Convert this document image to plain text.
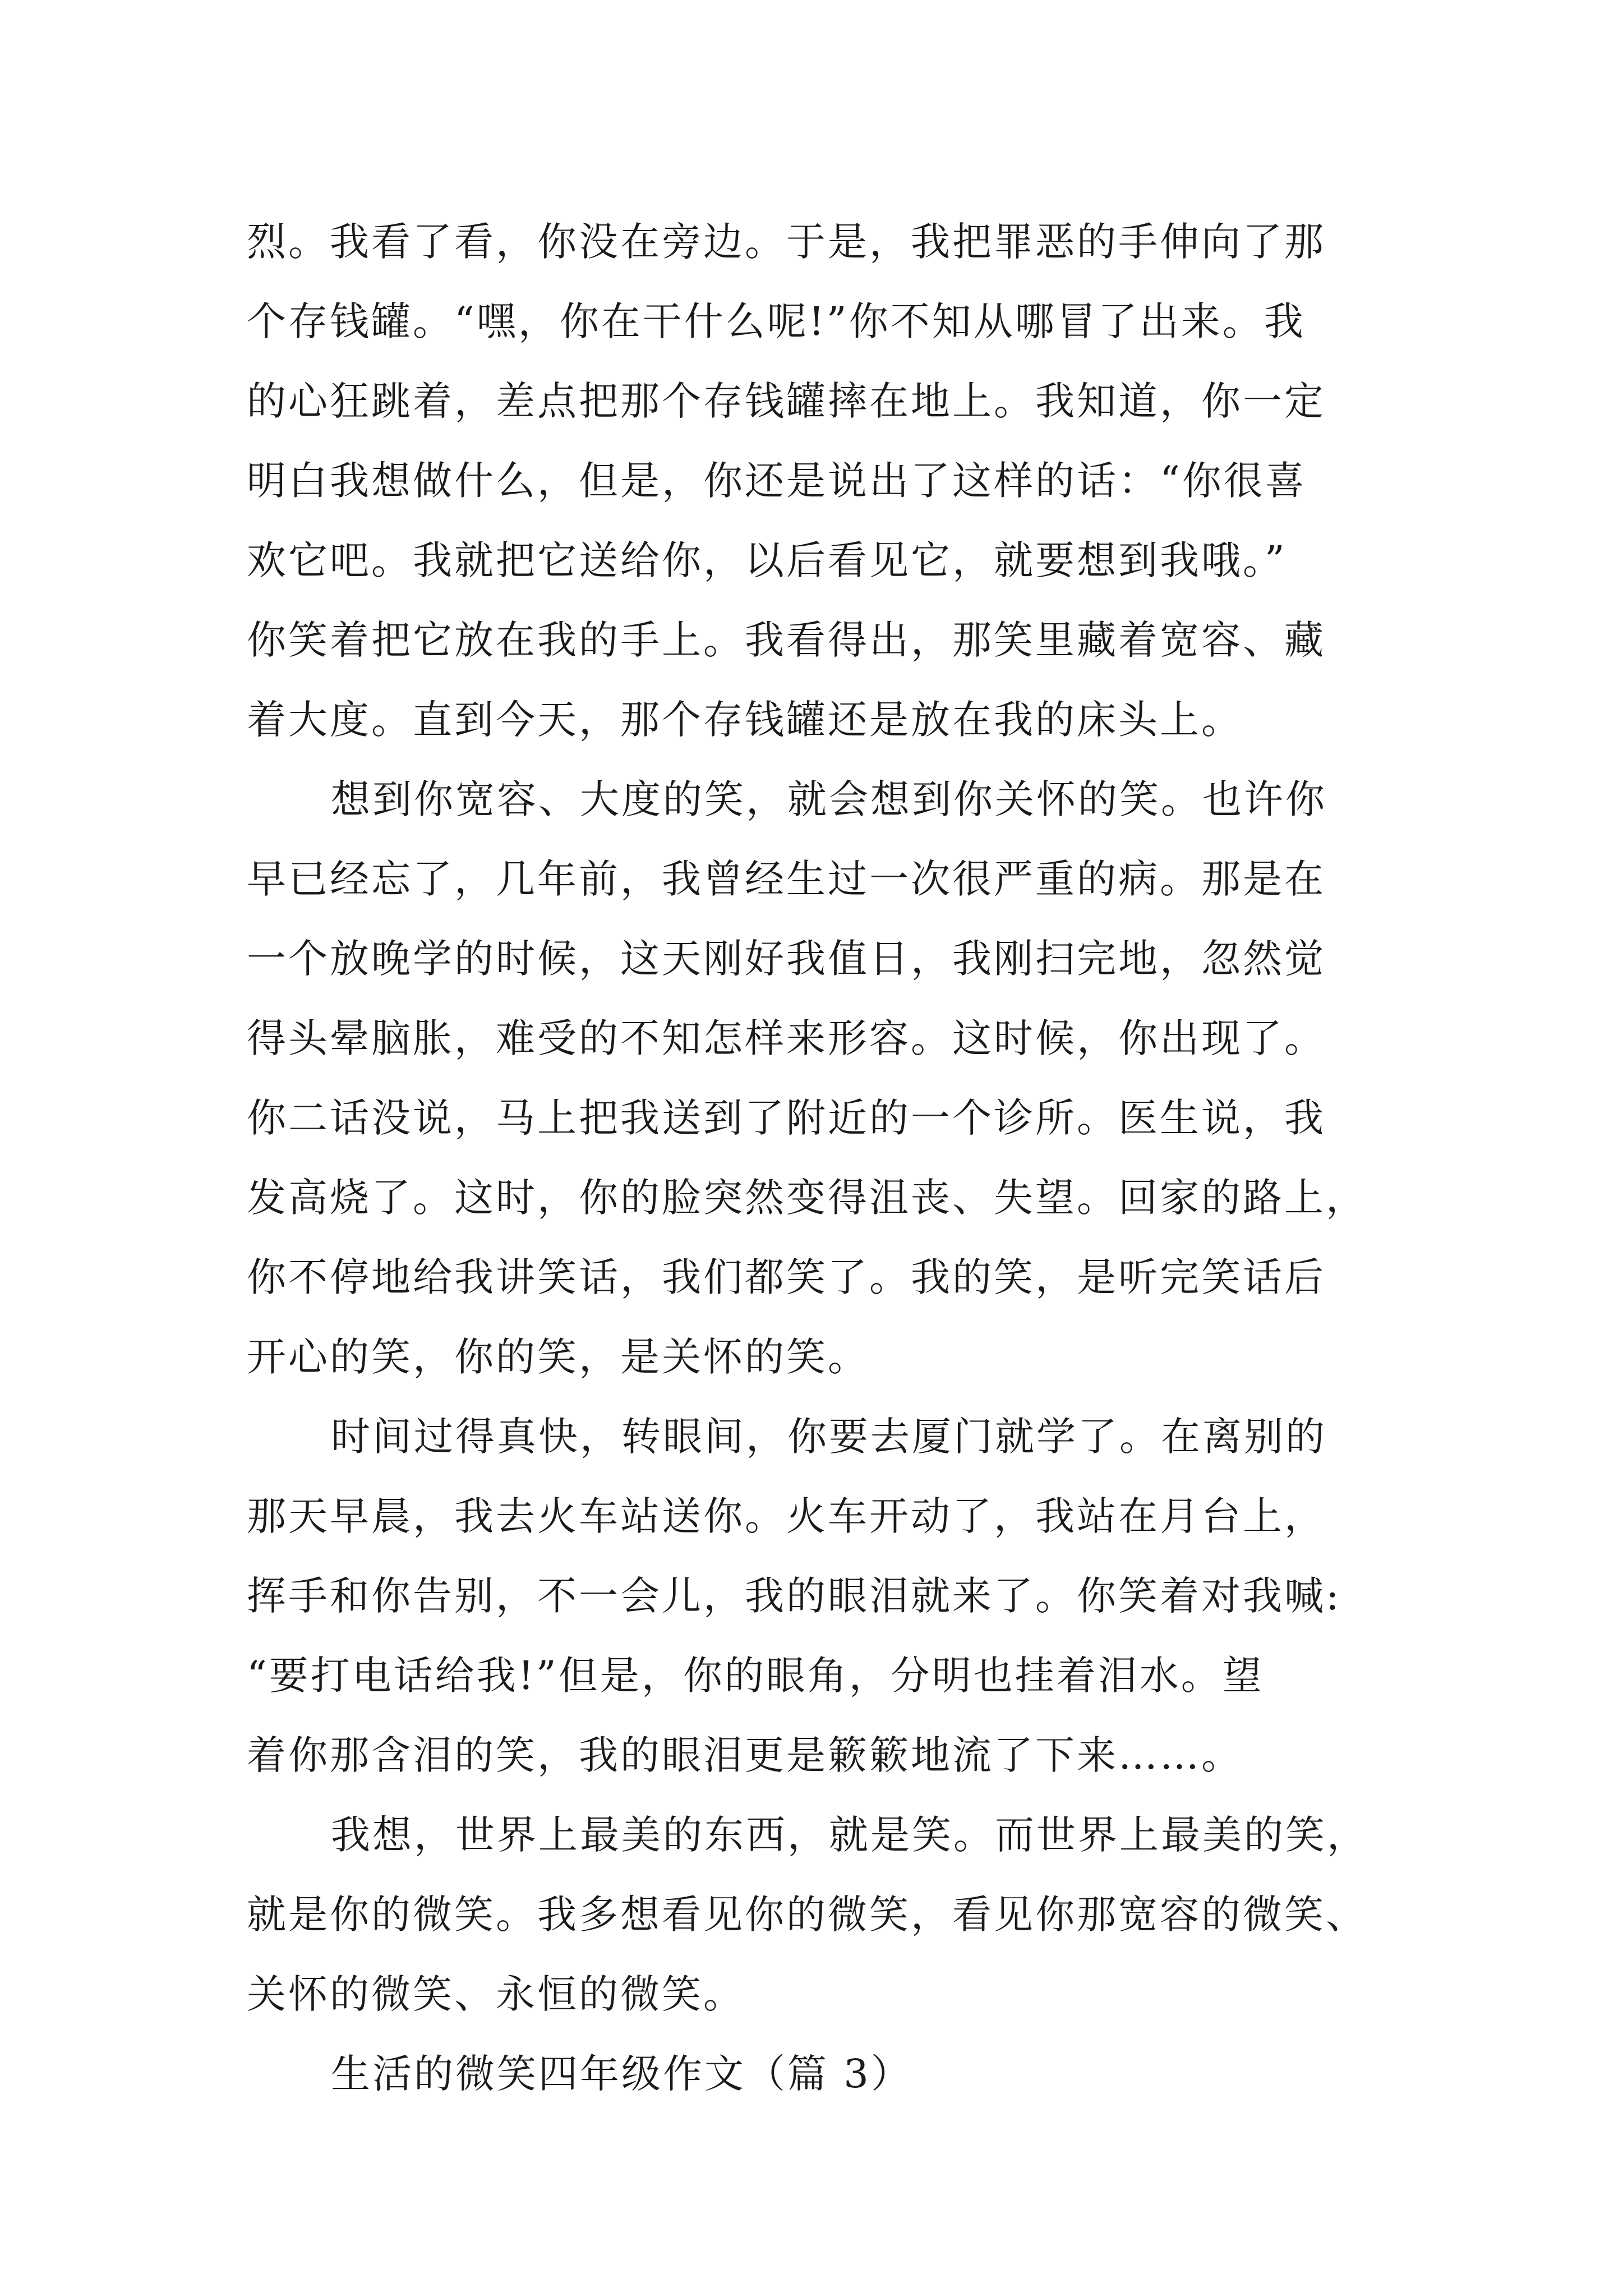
烈。我看了看，你没在旁边。于是，我把罪恶的手伸向了那
个存钱罐。“嘿，你在干什么呢!”你不知从哪冒了出来。我
的心狂跳着，差点把那个存钱罐摔在地上。我知道，你一定
明白我想做什么，但是，你还是说出了这样的话：“你很喜
欢它吧。我就把它送给你，以后看见它，就要想到我哦。”
你笑着把它放在我的手上。我看得出，那笑里藏着宽容、藏
着大度。直到今天，那个存钱罐还是放在我的床头上。
想到你宽容、大度的笑，就会想到你关怀的笑。也许你
早已经忘了，几年前，我曾经生过一次很严重的病。那是在
一个放晚学的时候，这天刚好我值日，我刚扫完地，忽然觉
得头晕脑胀，难受的不知怎样来形容。这时候，你出现了。
你二话没说，马上把我送到了附近的一个诊所。医生说，我
发高烧了。这时，你的脸突然变得沮丧、失望。回家的路上，
你不停地给我讲笑话，我们都笑了。我的笑，是听完笑话后
开心的笑，你的笑，是关怀的笑。
时间过得真快，转眼间，你要去厦门就学了。在离别的
那天早晨，我去火车站送你。火车开动了，我站在月台上，
挥手和你告别，不一会儿，我的眼泪就来了。你笑着对我喊:
“要打电话给我!”但是，你的眼角，分明也挂着泪水。望
着你那含泪的笑，我的眼泪更是簌簌地流了下来……。
我想，世界上最美的东西，就是笑。而世界上最美的笑，
就是你的微笑。我多想看见你的微笑，看见你那宽容的微笑、
关怀的微笑、永恒的微笑。
生活的微笑四年级作文（篇 3）
